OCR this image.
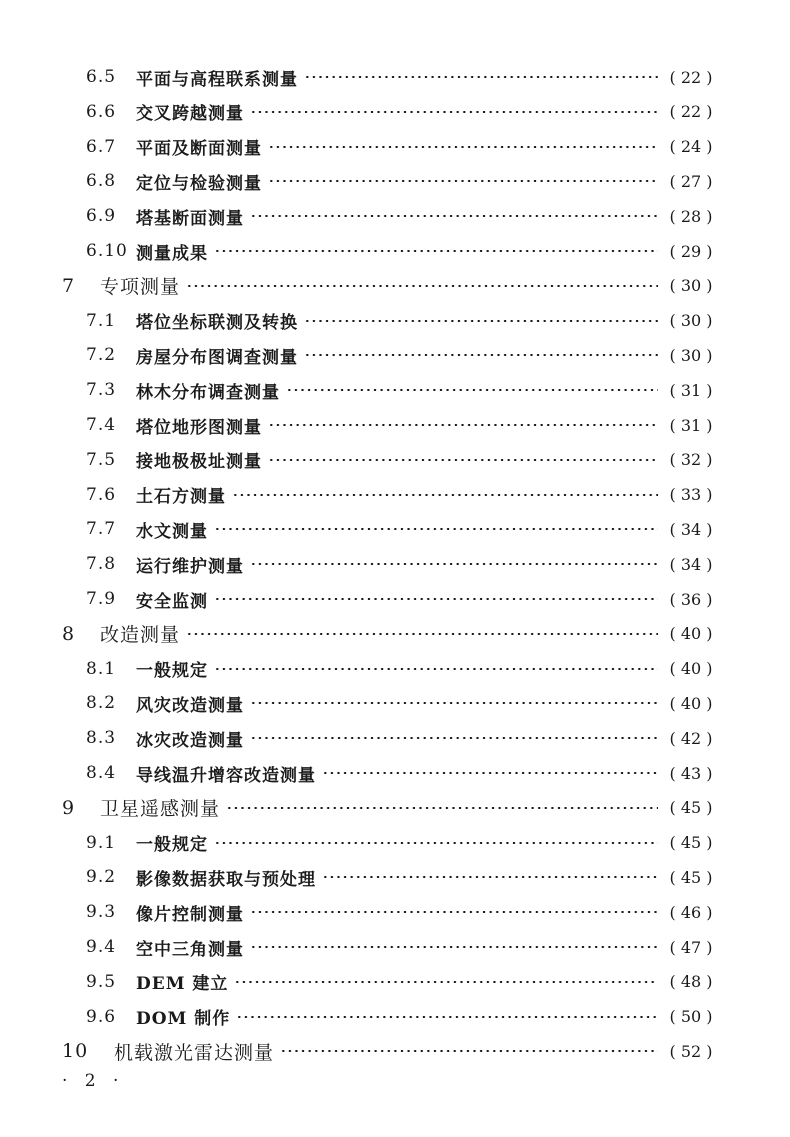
6.5 平面与高程联系测量	( 22 )
6.6 交叉跨越测量	( 22 )
6.7 平面及断面测量	( 24 )
6.8 定位与检验测量	( 27 )
6.9 塔基断面测量	( 28 )
6.10 测量成果	( 29 )
7 专项测量	( 30 )
7.1 塔位坐标联测及转换	( 30 )
7.2 房屋分布图调查测量	( 30 )
7.3 林木分布调查测量	( 31 )
7.4 塔位地形图测量	( 31 )
7.5 接地极极址测量	( 32 )
7.6 土石方测量	( 33 )
7.7 水文测量	( 34 )
7.8 运行维护测量	( 34 )
7.9 安全监测	( 36 )
8 改造测量	( 40 )
8.1 一般规定	( 40 )
8.2 风灾改造测量	( 40 )
8.3 冰灾改造测量	( 42 )
8.4 导线温升增容改造测量	( 43 )
9 卫星遥感测量	( 45 )
9.1 一般规定	( 45 )
9.2 影像数据获取与预处理	( 45 )
9.3 像片控制测量	( 46 )
9.4 空中三角测量	( 47 )
9.5 DEM 建立	( 48 )
9.6 DOM 制作	( 50 )
10 机载激光雷达测量	( 52 )
· 2 ·
